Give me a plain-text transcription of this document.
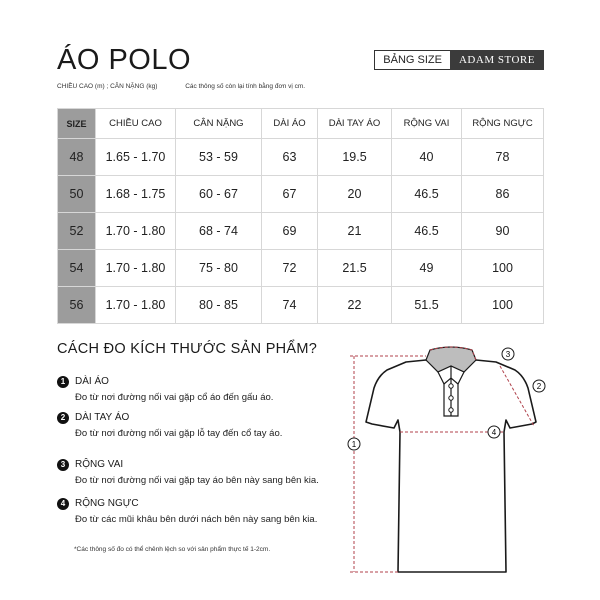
ÁO POLO	BẢNG SIZE	ADAM STORE
CHIỀU CAO (m) ; CÂN NẶNG (kg)	Các thông số còn lại tính bằng đơn vị cm.
SIZE	CHIỀU CAO	CÂN NẶNG	DÀI ÁO	DÀI TAY ÁO	RỘNG VAI	RỘNG NGỰC
48	1.65 - 1.70	53 - 59	63	19.5	40	78
50	1.68 - 1.75	60 - 67	67	20	46.5	86
52	1.70 - 1.80	68 - 74	69	21	46.5	90
54	1.70 - 1.80	75 - 80	72	21.5	49	100
56	1.70 - 1.80	80 - 85	74	22	51.5	100
CÁCH ĐO KÍCH THƯỚC SẢN PHẨM?
1 DÀI ÁO
Đo từ nơi đường nối vai gặp cổ áo đến gấu áo.
2 DÀI TAY ÁO
Đo từ nơi đường nối vai gặp lỗ tay đến cổ tay áo.
3 RỘNG VAI
Đo từ nơi đường nối vai gặp tay áo bên này sang bên kia.
4 RỘNG NGỰC
Đo từ các mũi khâu bên dưới nách bên này sang bên kia.
*Các thông số đo có thể chênh lệch so với sản phẩm thực tế 1-2cm.
1
2
3
4
